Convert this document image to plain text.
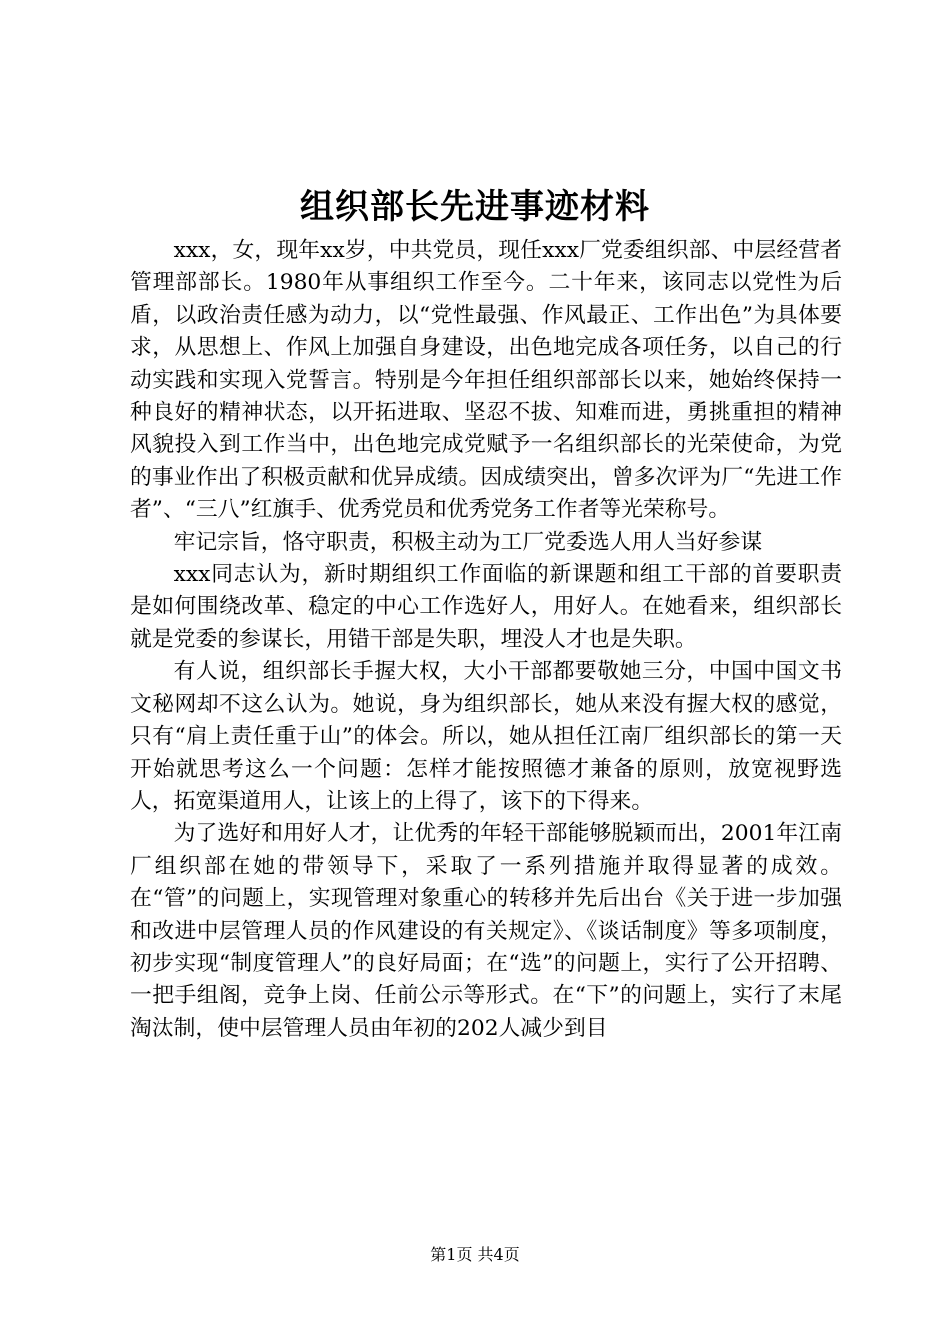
组织部长先进事迹材料

xxx，女，现年xx岁，中共党员，现任xxx厂党委组织部、中层经营者管理部部长。1980年从事组织工作至今。二十年来，该同志以党性为后盾，以政治责任感为动力，以“党性最强、作风最正、工作出色”为具体要求，从思想上、作风上加强自身建设，出色地完成各项任务，以自己的行动实践和实现入党誓言。特别是今年担任组织部部长以来，她始终保持一种良好的精神状态，以开拓进取、坚忍不拔、知难而进，勇挑重担的精神风貌投入到工作当中，出色地完成党赋予一名组织部长的光荣使命，为党的事业作出了积极贡献和优异成绩。因成绩突出，曾多次评为厂“先进工作者”、“三八”红旗手、优秀党员和优秀党务工作者等光荣称号。

牢记宗旨，恪守职责，积极主动为工厂党委选人用人当好参谋

xxx同志认为，新时期组织工作面临的新课题和组工干部的首要职责是如何围绕改革、稳定的中心工作选好人，用好人。在她看来，组织部长就是党委的参谋长，用错干部是失职，埋没人才也是失职。

有人说，组织部长手握大权，大小干部都要敬她三分，中国中国文书文秘网却不这么认为。她说，身为组织部长，她从来没有握大权的感觉，只有“肩上责任重于山”的体会。所以，她从担任江南厂组织部长的第一天开始就思考这么一个问题：怎样才能按照德才兼备的原则，放宽视野选人，拓宽渠道用人，让该上的上得了，该下的下得来。

为了选好和用好人才，让优秀的年轻干部能够脱颖而出，2001年江南厂组织部在她的带领导下，采取了一系列措施并取得显著的成效。在“管”的问题上，实现管理对象重心的转移并先后出台《关于进一步加强和改进中层管理人员的作风建设的有关规定》、《谈话制度》等多项制度，初步实现“制度管理人”的良好局面；在“选”的问题上，实行了公开招聘、一把手组阁，竞争上岗、任前公示等形式。在“下”的问题上，实行了末尾淘汰制，使中层管理人员由年初的202人减少到目

第1页 共4页
